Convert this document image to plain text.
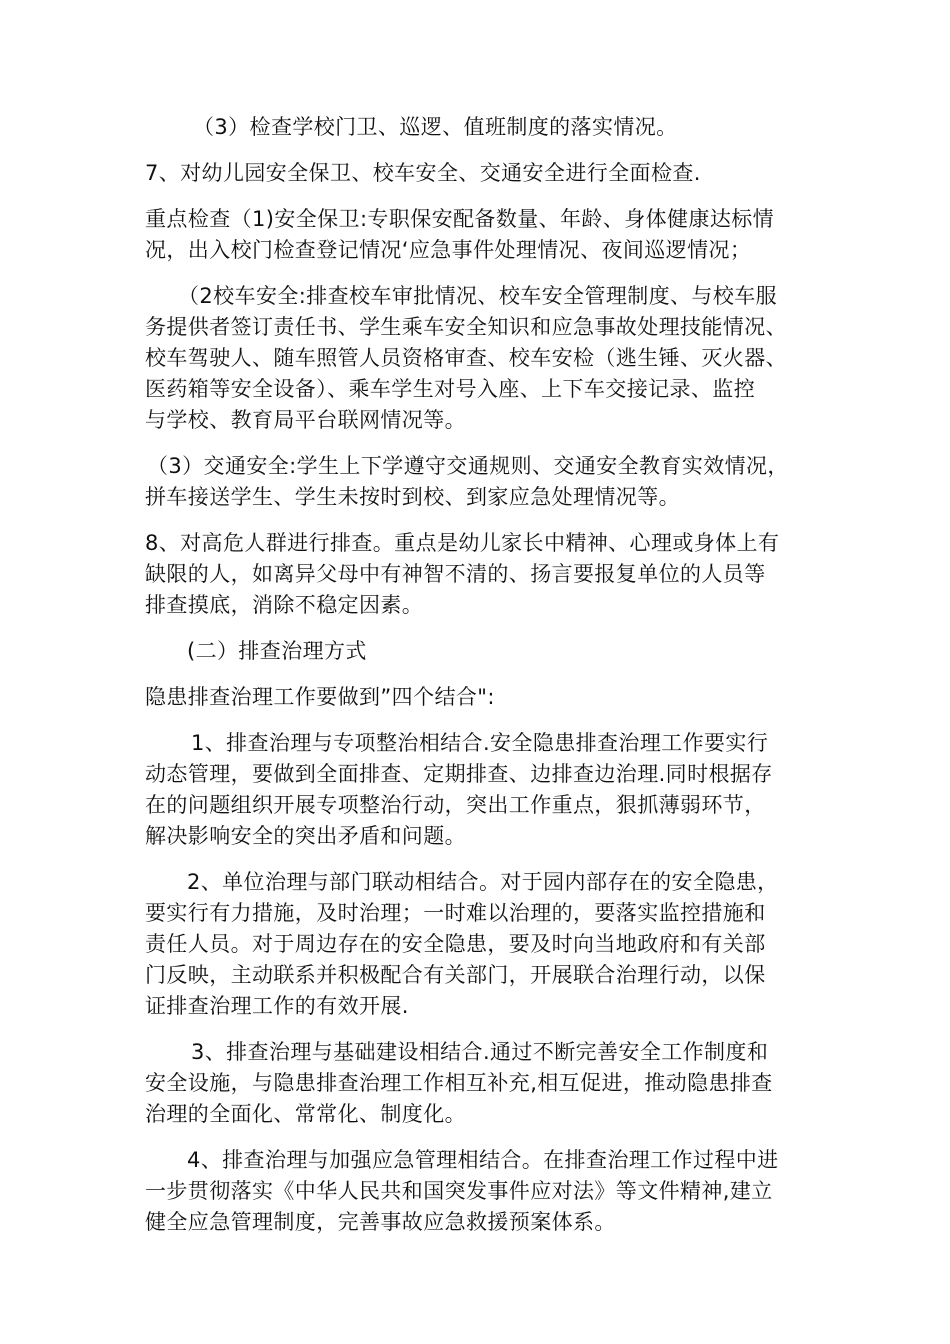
（3）检查学校门卫、巡逻、值班制度的落实情况。
7、对幼儿园安全保卫、校车安全、交通安全进行全面检查.
重点检查（1)安全保卫:专职保安配备数量、年龄、身体健康达标情
况，出入校门检查登记情况‘应急事件处理情况、夜间巡逻情况；
（2校车安全:排查校车审批情况、校车安全管理制度、与校车服
务提供者签订责任书、学生乘车安全知识和应急事故处理技能情况、
校车驾驶人、随车照管人员资格审查、校车安检（逃生锤、灭火器、
医药箱等安全设备）、乘车学生对号入座、上下车交接记录、监控
与学校、教育局平台联网情况等。
（3）交通安全:学生上下学遵守交通规则、交通安全教育实效情况，
拼车接送学生、学生未按时到校、到家应急处理情况等。
8、对高危人群进行排查。重点是幼儿家长中精神、心理或身体上有
缺限的人，如离异父母中有神智不清的、扬言要报复单位的人员等
排查摸底，消除不稳定因素。
(二）排查治理方式
隐患排查治理工作要做到”四个结合":
1、排查治理与专项整治相结合.安全隐患排查治理工作要实行
动态管理，要做到全面排查、定期排查、边排查边治理.同时根据存
在的问题组织开展专项整治行动，突出工作重点，狠抓薄弱环节，
解决影响安全的突出矛盾和问题。
2、单位治理与部门联动相结合。对于园内部存在的安全隐患，
要实行有力措施，及时治理；一时难以治理的，要落实监控措施和
责任人员。对于周边存在的安全隐患，要及时向当地政府和有关部
门反映，主动联系并积极配合有关部门，开展联合治理行动，以保
证排查治理工作的有效开展.
3、排查治理与基础建设相结合.通过不断完善安全工作制度和
安全设施，与隐患排查治理工作相互补充,相互促进，推动隐患排查
治理的全面化、常常化、制度化。
4、排查治理与加强应急管理相结合。在排查治理工作过程中进
一步贯彻落实《中华人民共和国突发事件应对法》等文件精神,建立
健全应急管理制度，完善事故应急救援预案体系。
